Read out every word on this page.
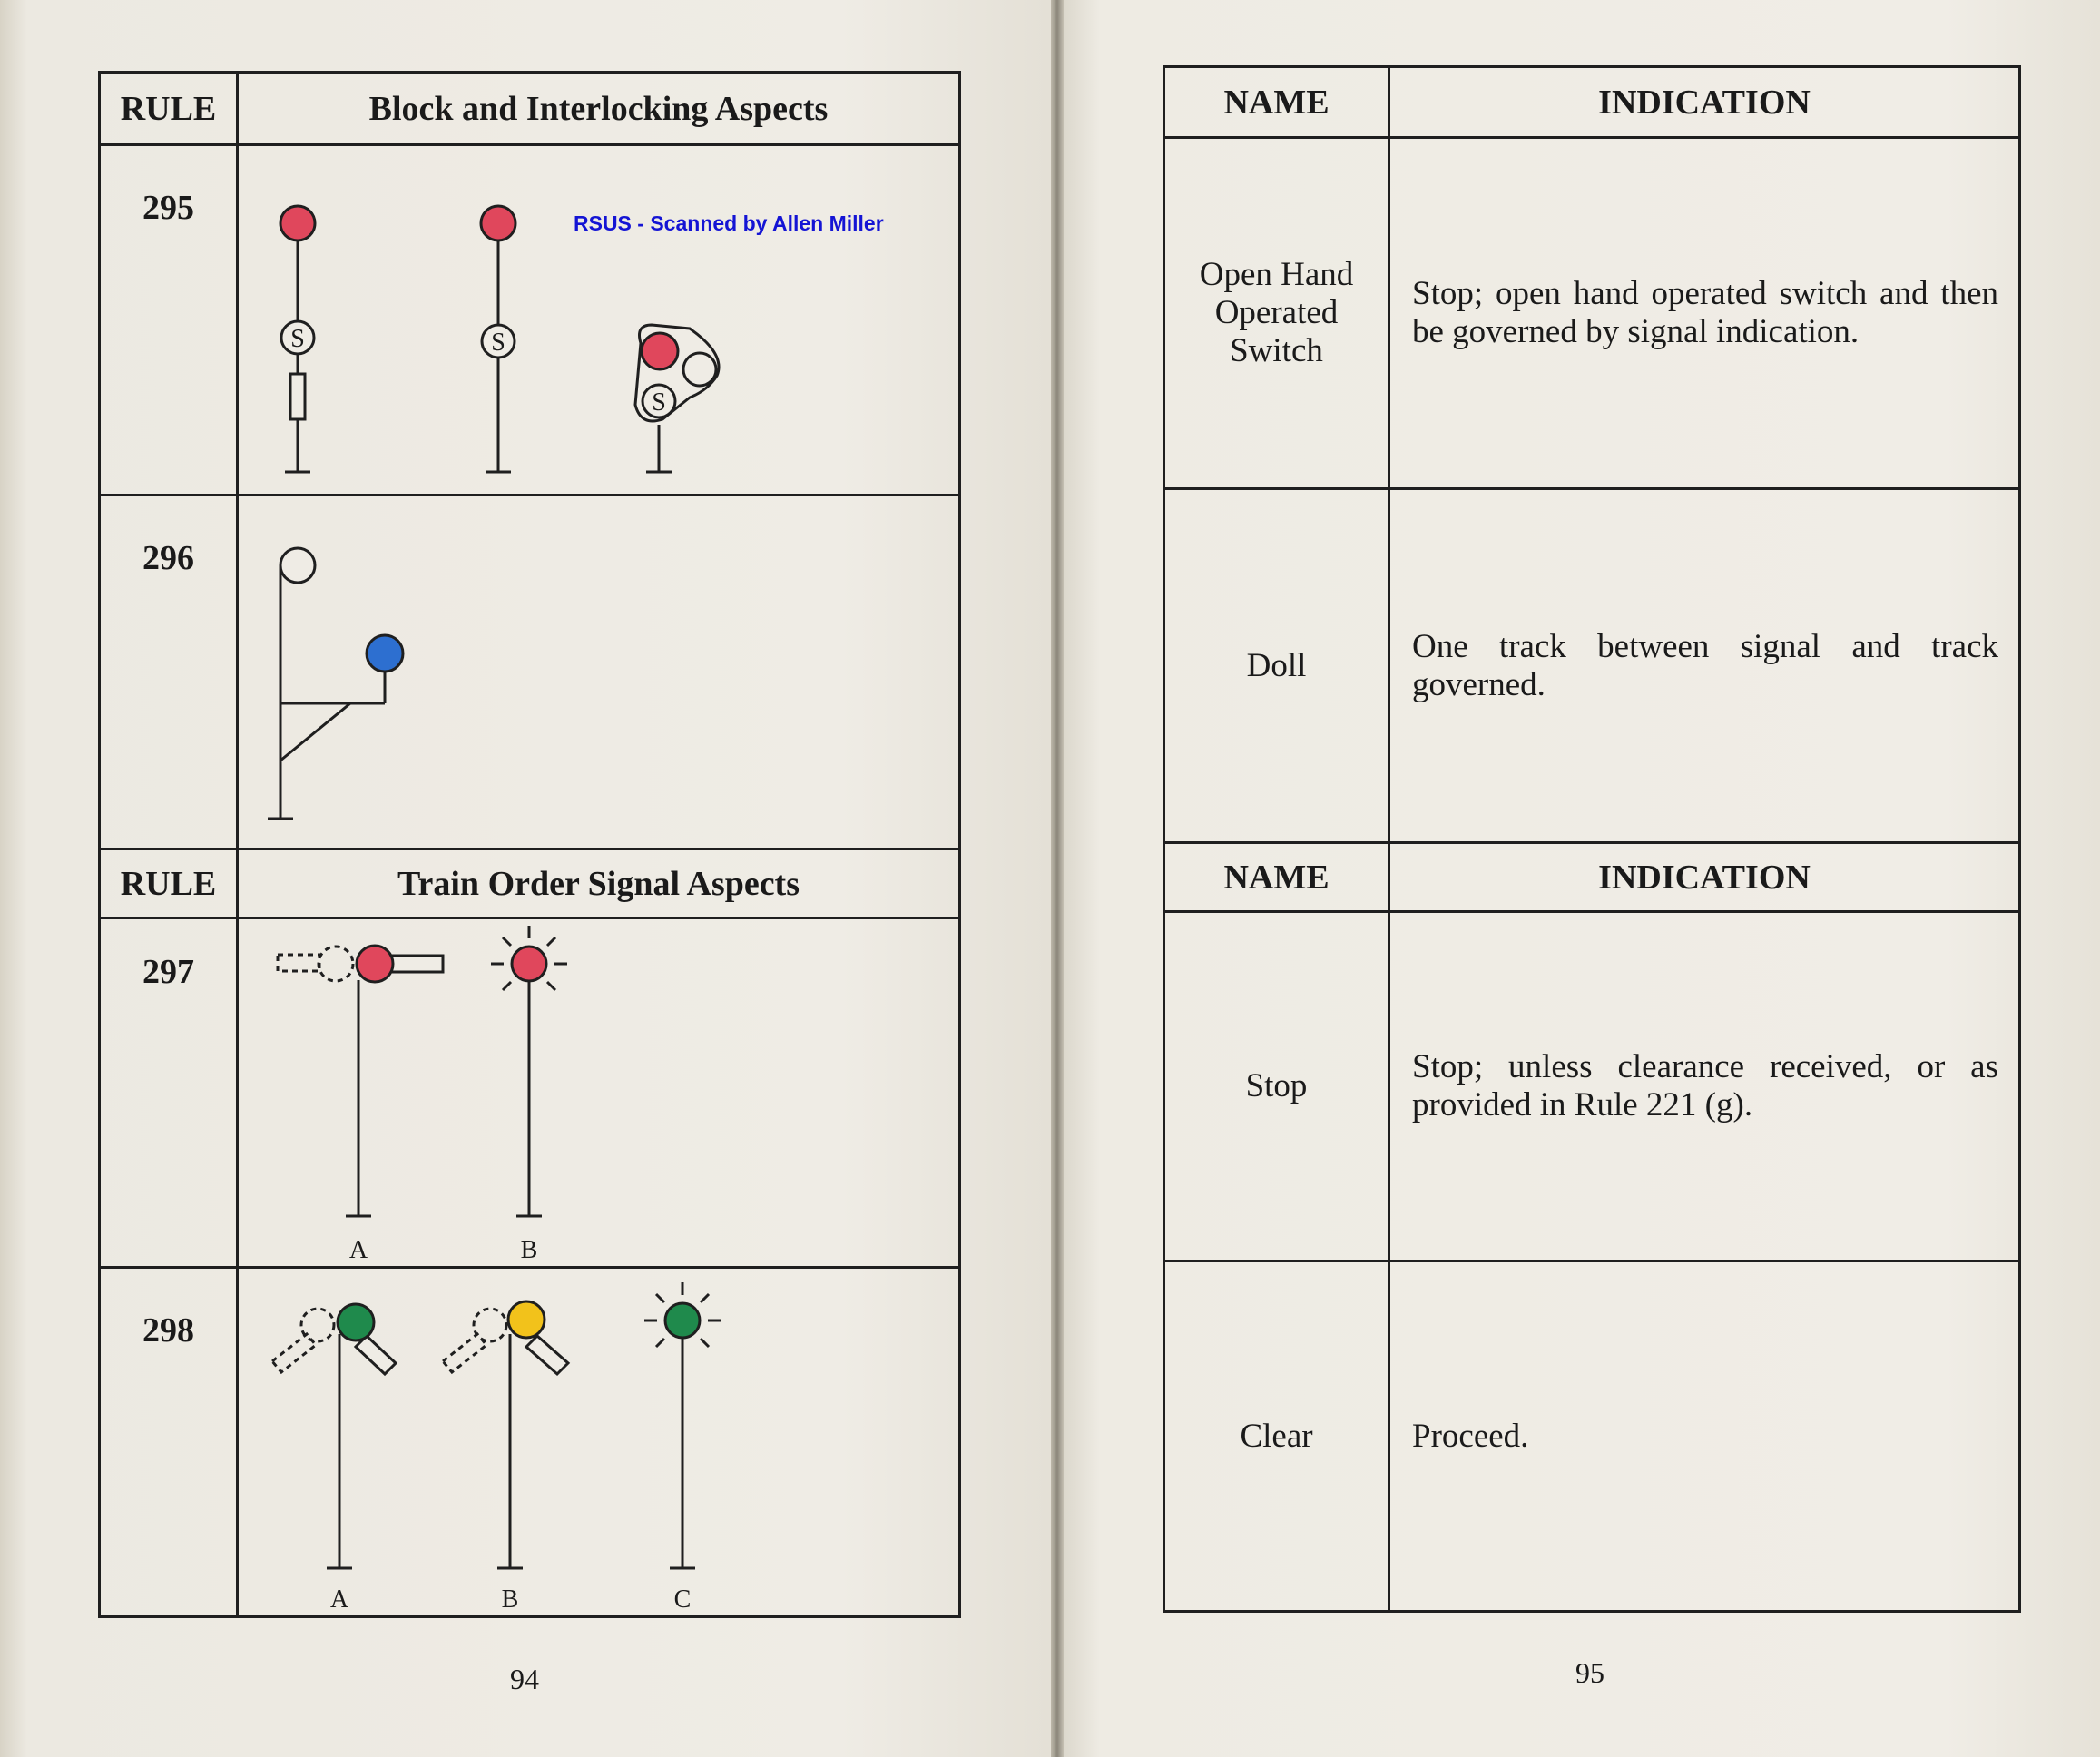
RULE	Block and Interlocking Aspects
295	
296	
RULE	Train Order Signal Aspects
297	
298	
RSUS - Scanned by Allen Miller
94
S	S
S
A	B
A	B	C
NAME	INDICATION
Open Hand Operated Switch	Stop; open hand operated switch and then be governed by signal indication.
Doll	One track between signal and track governed.
NAME	INDICATION
Stop	Stop; unless clearance received, or as provided in Rule 221 (g).
Clear	Proceed.
95
